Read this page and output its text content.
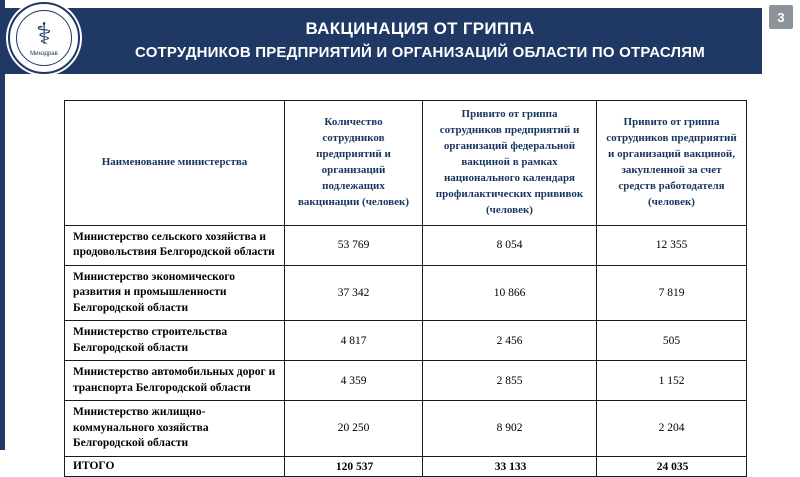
ВАКЦИНАЦИЯ ОТ ГРИППА
СОТРУДНИКОВ ПРЕДПРИЯТИЙ И ОРГАНИЗАЦИЙ ОБЛАСТИ ПО ОТРАСЛЯМ
⚕
Минздрав
3
Наименование министерства	Количество сотрудников предприятий и организаций подлежащих вакцинации (человек)	Привито от гриппа сотрудников предприятий и организаций федеральной вакциной в рамках национального календаря профилактических прививок (человек)	Привито от гриппа сотрудников предприятий и организаций вакциной, закупленной за счет средств работодателя (человек)
Министерство сельского хозяйства и продовольствия Белгородской области	53 769	8 054	12 355
Министерство экономического развития и промышленности Белгородской области	37 342	10 866	7 819
Министерство строительства Белгородской области	4 817	2 456	505
Министерство автомобильных дорог и транспорта Белгородской области	4 359	2 855	1 152
Министерство жилищно-коммунального хозяйства Белгородской области	20 250	8 902	2 204
ИТОГО	120 537	33 133	24 035
